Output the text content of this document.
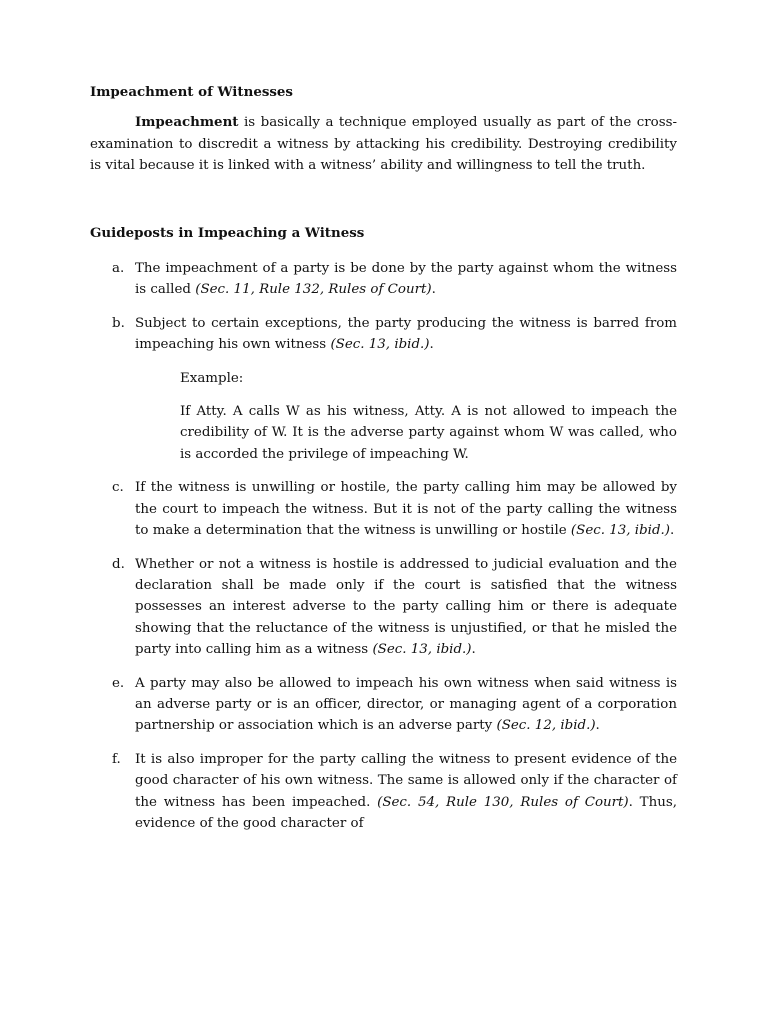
Impeachment of Witnesses

Impeachment is basically a technique employed usually as part of the cross-examination to discredit a witness by attacking his credibility. Destroying credibility is vital because it is linked with a witness’ ability and willingness to tell the truth.

Guideposts in Impeaching a Witness

a. The impeachment of a party is be done by the party against whom the witness is called (Sec. 11, Rule 132, Rules of Court).
b. Subject to certain exceptions, the party producing the witness is barred from impeaching his own witness (Sec. 13, ibid.).
Example:
If Atty. A calls W as his witness, Atty. A is not allowed to impeach the credibility of W. It is the adverse party against whom W was called, who is accorded the privilege of impeaching W.
c. If the witness is unwilling or hostile, the party calling him may be allowed by the court to impeach the witness. But it is not of the party calling the witness to make a determination that the witness is unwilling or hostile (Sec. 13, ibid.).
d. Whether or not a witness is hostile is addressed to judicial evaluation and the declaration shall be made only if the court is satisfied that the witness possesses an interest adverse to the party calling him or there is adequate showing that the reluctance of the witness is unjustified, or that he misled the party into calling him as a witness (Sec. 13, ibid.).
e. A party may also be allowed to impeach his own witness when said witness is an adverse party or is an officer, director, or managing agent of a corporation partnership or association which is an adverse party (Sec. 12, ibid.).
f. It is also improper for the party calling the witness to present evidence of the good character of his own witness. The same is allowed only if the character of the witness has been impeached. (Sec. 54, Rule 130, Rules of Court). Thus, evidence of the good character of
